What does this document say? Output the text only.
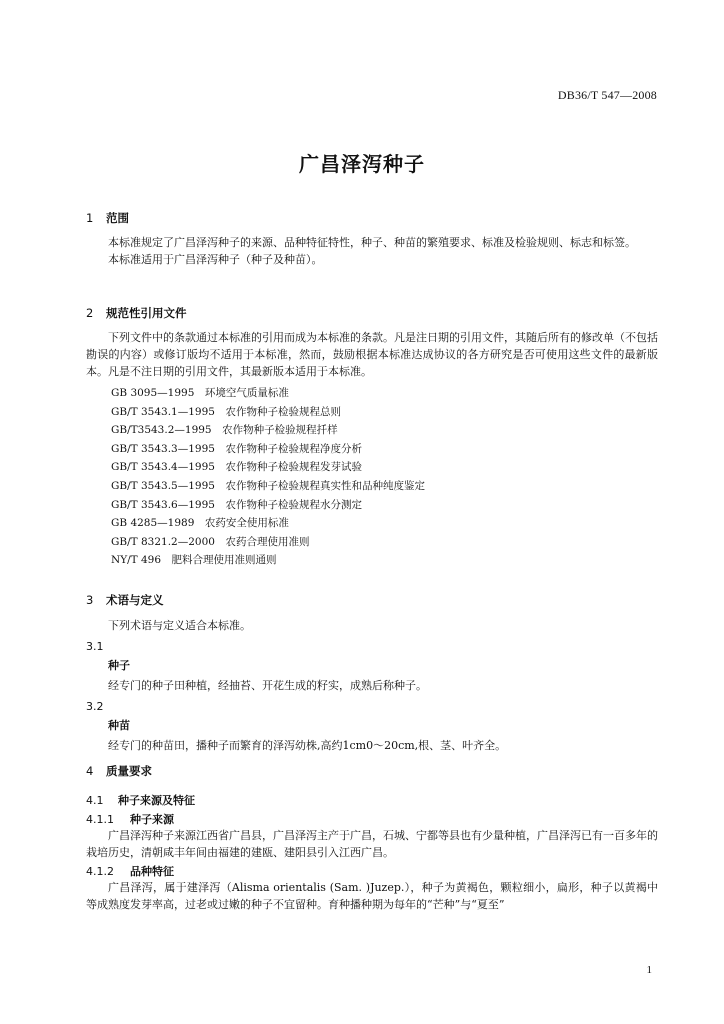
DB36/T 547—2008
广昌泽泻种子

1 范围

本标准规定了广昌泽泻种子的来源、品种特征特性，种子、种苗的繁殖要求、标准及检验规则、标志和标签。

本标准适用于广昌泽泻种子（种子及种苗）。

2 规范性引用文件

下列文件中的条款通过本标准的引用而成为本标准的条款。凡是注日期的引用文件，其随后所有的修改单（不包括勘误的内容）或修订版均不适用于本标准，然而，鼓励根据本标准达成协议的各方研究是否可使用这些文件的最新版本。凡是不注日期的引用文件，其最新版本适用于本标准。

GB 3095—1995　环境空气质量标准

GB/T 3543.1—1995　农作物种子检验规程总则

GB/T3543.2—1995　农作物种子检验规程扦样

GB/T 3543.3—1995　农作物种子检验规程净度分析

GB/T 3543.4—1995　农作物种子检验规程发芽试验

GB/T 3543.5—1995　农作物种子检验规程真实性和品种纯度鉴定

GB/T 3543.6—1995　农作物种子检验规程水分测定

GB 4285—1989　农药安全使用标准

GB/T 8321.2—2000　农药合理使用准则

NY/T 496　肥料合理使用准则通则

3 术语与定义

下列术语与定义适合本标准。

3.1

种子

经专门的种子田种植，经抽苔、开花生成的籽实，成熟后称种子。

3.2

种苗

经专门的种苗田，播种子而繁育的泽泻幼株,高约1cm0～20cm,根、茎、叶齐全。

4 质量要求

4.1 种子来源及特征

4.1.1 种子来源

广昌泽泻种子来源江西省广昌县，广昌泽泻主产于广昌，石城、宁都等县也有少量种植，广昌泽泻已有一百多年的栽培历史，清朝咸丰年间由福建的建瓯、建阳县引入江西广昌。

4.1.2 品种特征

广昌泽泻，属于建泽泻（Alisma orientalis (Sam. )Juzep.），种子为黄褐色，颗粒细小，扁形，种子以黄褐中等成熟度发芽率高，过老或过嫩的种子不宜留种。育种播种期为每年的“芒种”与“夏至”

1
